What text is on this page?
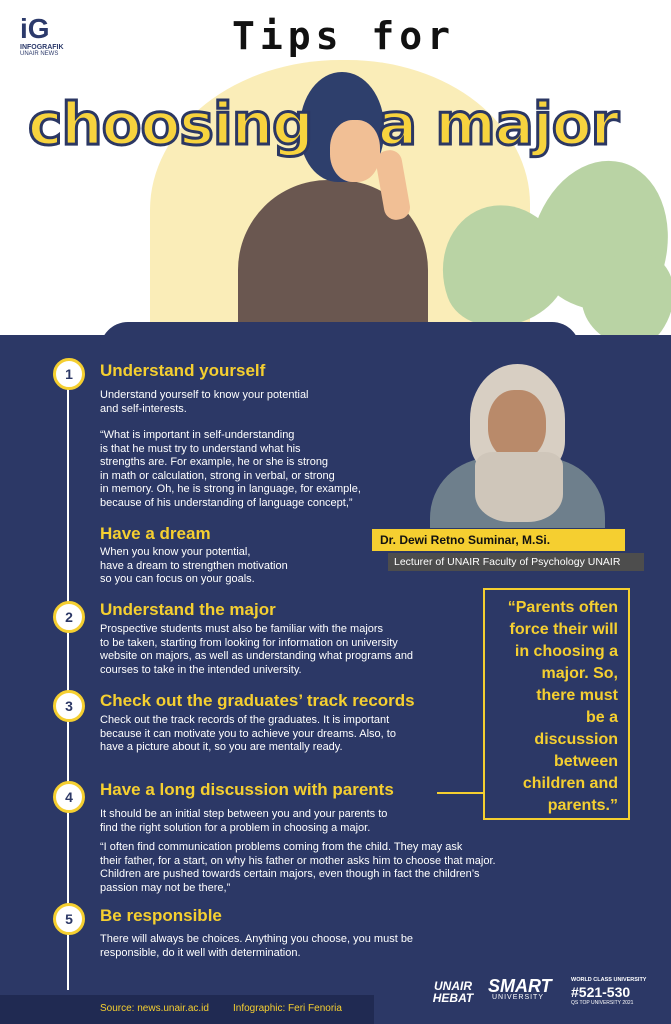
iG
INFOGRAFIK
UNAIR NEWS	Tips for
choosing a major
1	Understand yourself
Understand yourself to know your potential
and self-interests.
“What is important in self-understanding
is that he must try to understand what his
strengths are. For example, he or she is strong
in math or calculation, strong in verbal, or strong
in memory. Oh, he is strong in language, for example,
because of his understanding of language concept,”
Have a dream
When you know your potential,
have a dream to strengthen motivation
so you can focus on your goals.
Dr. Dewi Retno Suminar, M.Si.
Lecturer of UNAIR Faculty of Psychology UNAIR
2	Understand the major
Prospective students must also be familiar with the majors
to be taken, starting from looking for information on university
website on majors, as well as understanding what programs and
courses to take in the intended university.
3	Check out the graduates’ track records
Check out the track records of the graduates. It is important
because it can motivate you to achieve your dreams. Also, to
have a picture about it, so you are mentally ready.
4	Have a long discussion with parents
It should be an initial step between you and your parents to
find the right solution for a problem in choosing a major.
“I often find communication problems coming from the child. They may ask
their father, for a start, on why his father or mother asks him to choose that major.
Children are pushed towards certain majors, even though in fact the children’s
passion may not be there,”
“Parents often
force their will
in choosing a
major. So,
there must
be a
discussion
between
children and
parents.”
5	Be responsible
There will always be choices. Anything you choose, you must be
responsible, do it well with determination.
Source: news.unair.ac.id Infographic: Feri Fenoria
UNAIR HEBAT
SMART
UNIVERSITY
WORLD CLASS UNIVERSITY
#521-530
QS TOP UNIVERSITY 2021
